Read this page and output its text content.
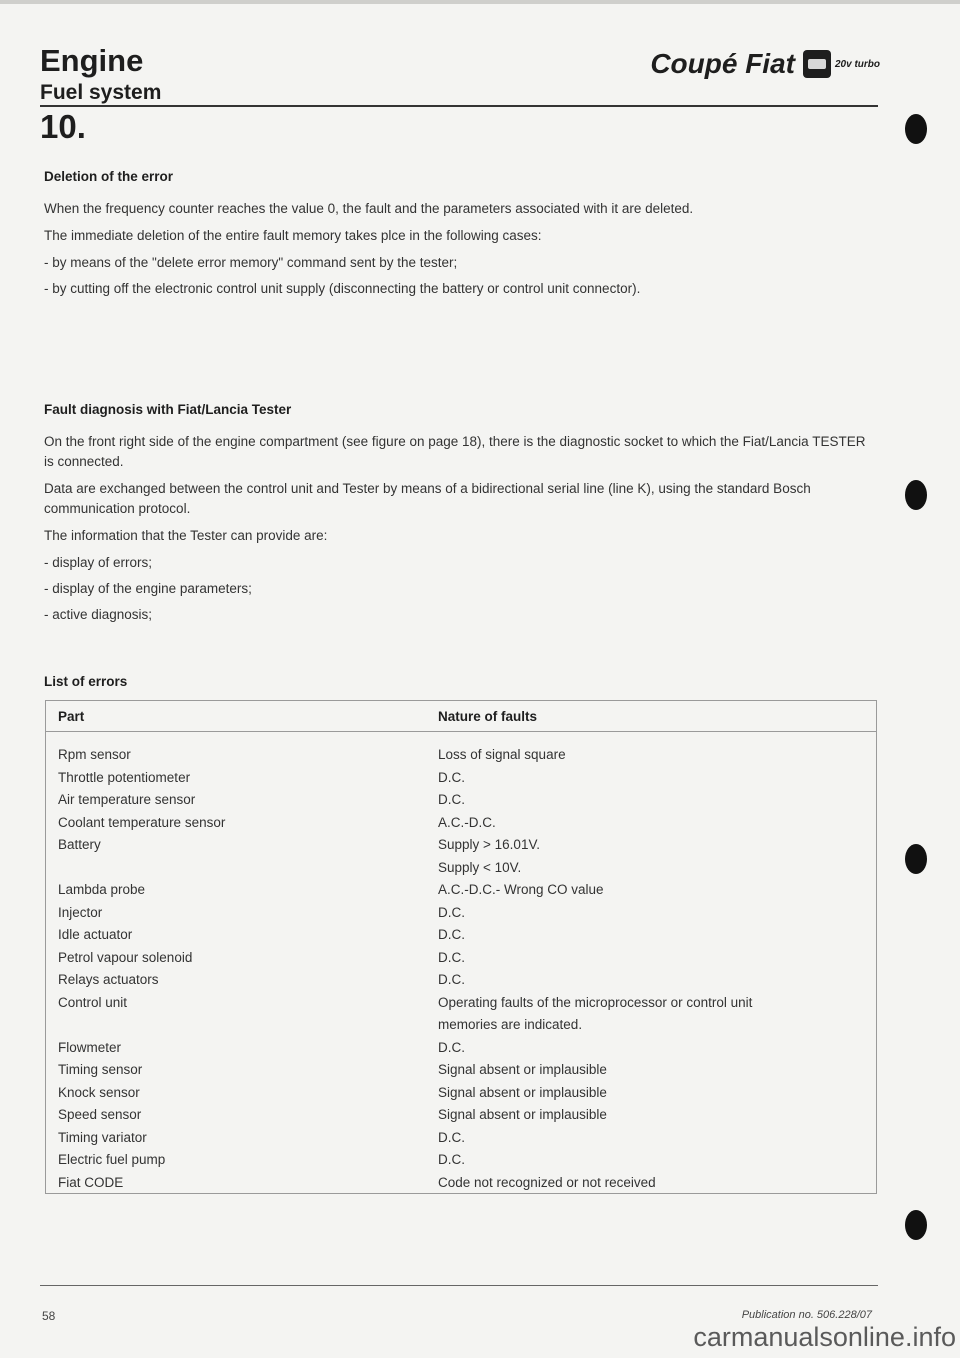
Engine
Fuel system
Coupé Fiat	20v turbo
10.
Deletion of the error

When the frequency counter reaches the value 0, the fault and the parameters associated with it are deleted.

The immediate deletion of the entire fault memory takes plce in the following cases:

- by means of the "delete error memory" command sent by the tester;
- by cutting off the electronic control unit supply (disconnecting the battery or control unit connector).
Fault diagnosis with Fiat/Lancia Tester

On the front right side of the engine compartment (see figure on page 18), there is the diagnostic socket to which the Fiat/Lancia TESTER is connected.

Data are exchanged between the control unit and Tester by means of a bidirectional serial line (line K), using the standard Bosch communication protocol.

The information that the Tester can provide are:

- display of errors;
- display of the engine parameters;
- active diagnosis;
List of errors
Part	Nature of faults
Rpm sensor	Loss of signal square
Throttle potentiometer	D.C.
Air temperature sensor	D.C.
Coolant temperature sensor	A.C.-D.C.
Battery	Supply > 16.01V.
Supply < 10V.
Lambda probe	A.C.-D.C.- Wrong CO value
Injector	D.C.
Idle actuator	D.C.
Petrol vapour solenoid	D.C.
Relays actuators	D.C.
Control unit	Operating faults of the microprocessor or control unit
memories are indicated.
Flowmeter	D.C.
Timing sensor	Signal absent or implausible
Knock sensor	Signal absent or implausible
Speed sensor	Signal absent or implausible
Timing variator	D.C.
Electric fuel pump	D.C.
Fiat CODE	Code not recognized or not received
58	Publication no. 506.228/07
carmanualsonline.info
